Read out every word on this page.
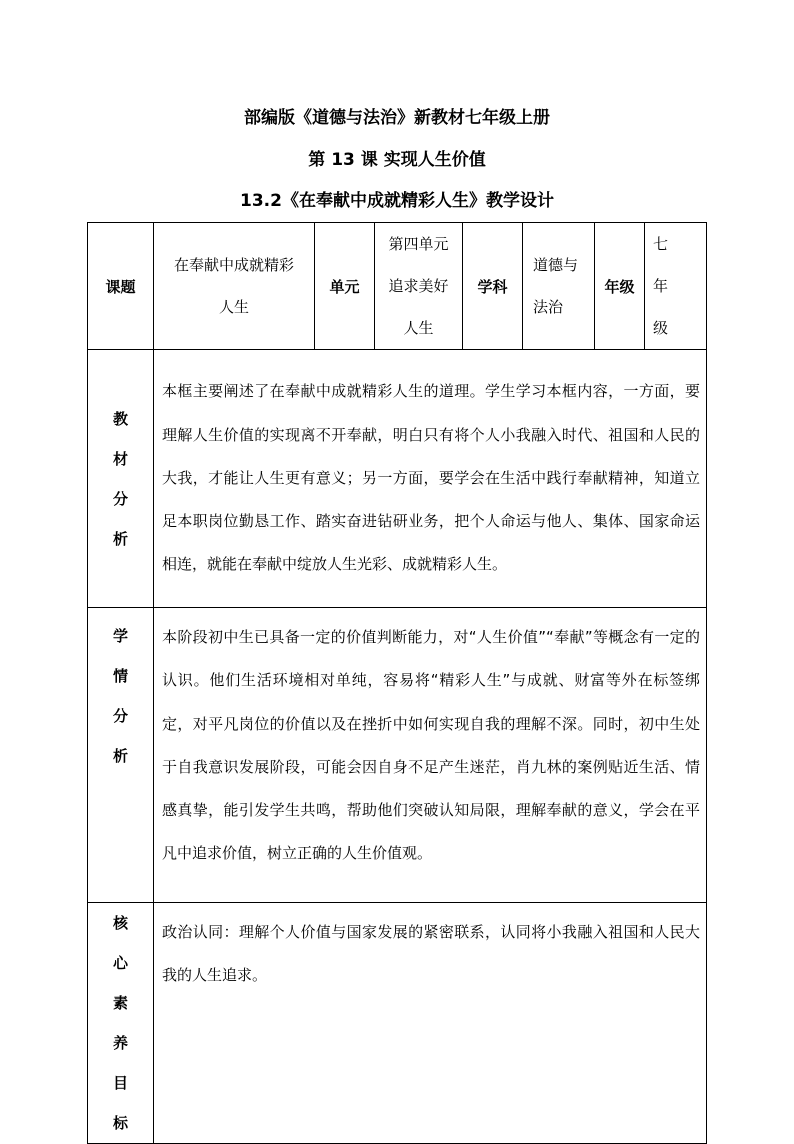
部编版《道德与法治》新教材七年级上册
第 13 课 实现人生价值
13.2《在奉献中成就精彩人生》教学设计
课题	在奉献中成就精彩人生	单元	第四单元追求美好人生	学科	道德与法治	年级	七年级

教材分析	本框主要阐述了在奉献中成就精彩人生的道理。学生学习本框内容，一方面，要理解人生价值的实现离不开奉献，明白只有将个人小我融入时代、祖国和人民的大我，才能让人生更有意义；另一方面，要学会在生活中践行奉献精神，知道立足本职岗位勤恳工作、踏实奋进钻研业务，把个人命运与他人、集体、国家命运相连，就能在奉献中绽放人生光彩、成就精彩人生。						
学情分析	本阶段初中生已具备一定的价值判断能力，对“人生价值”“奉献”等概念有一定的认识。他们生活环境相对单纯，容易将“精彩人生”与成就、财富等外在标签绑定，对平凡岗位的价值以及在挫折中如何实现自我的理解不深。同时，初中生处于自我意识发展阶段，可能会因自身不足产生迷茫，肖九林的案例贴近生活、情感真挚，能引发学生共鸣，帮助他们突破认知局限，理解奉献的意义，学会在平凡中追求价值，树立正确的人生价值观。						
核心素养目标	政治认同：理解个人价值与国家发展的紧密联系，认同将小我融入祖国和人民大我的人生追求。						
